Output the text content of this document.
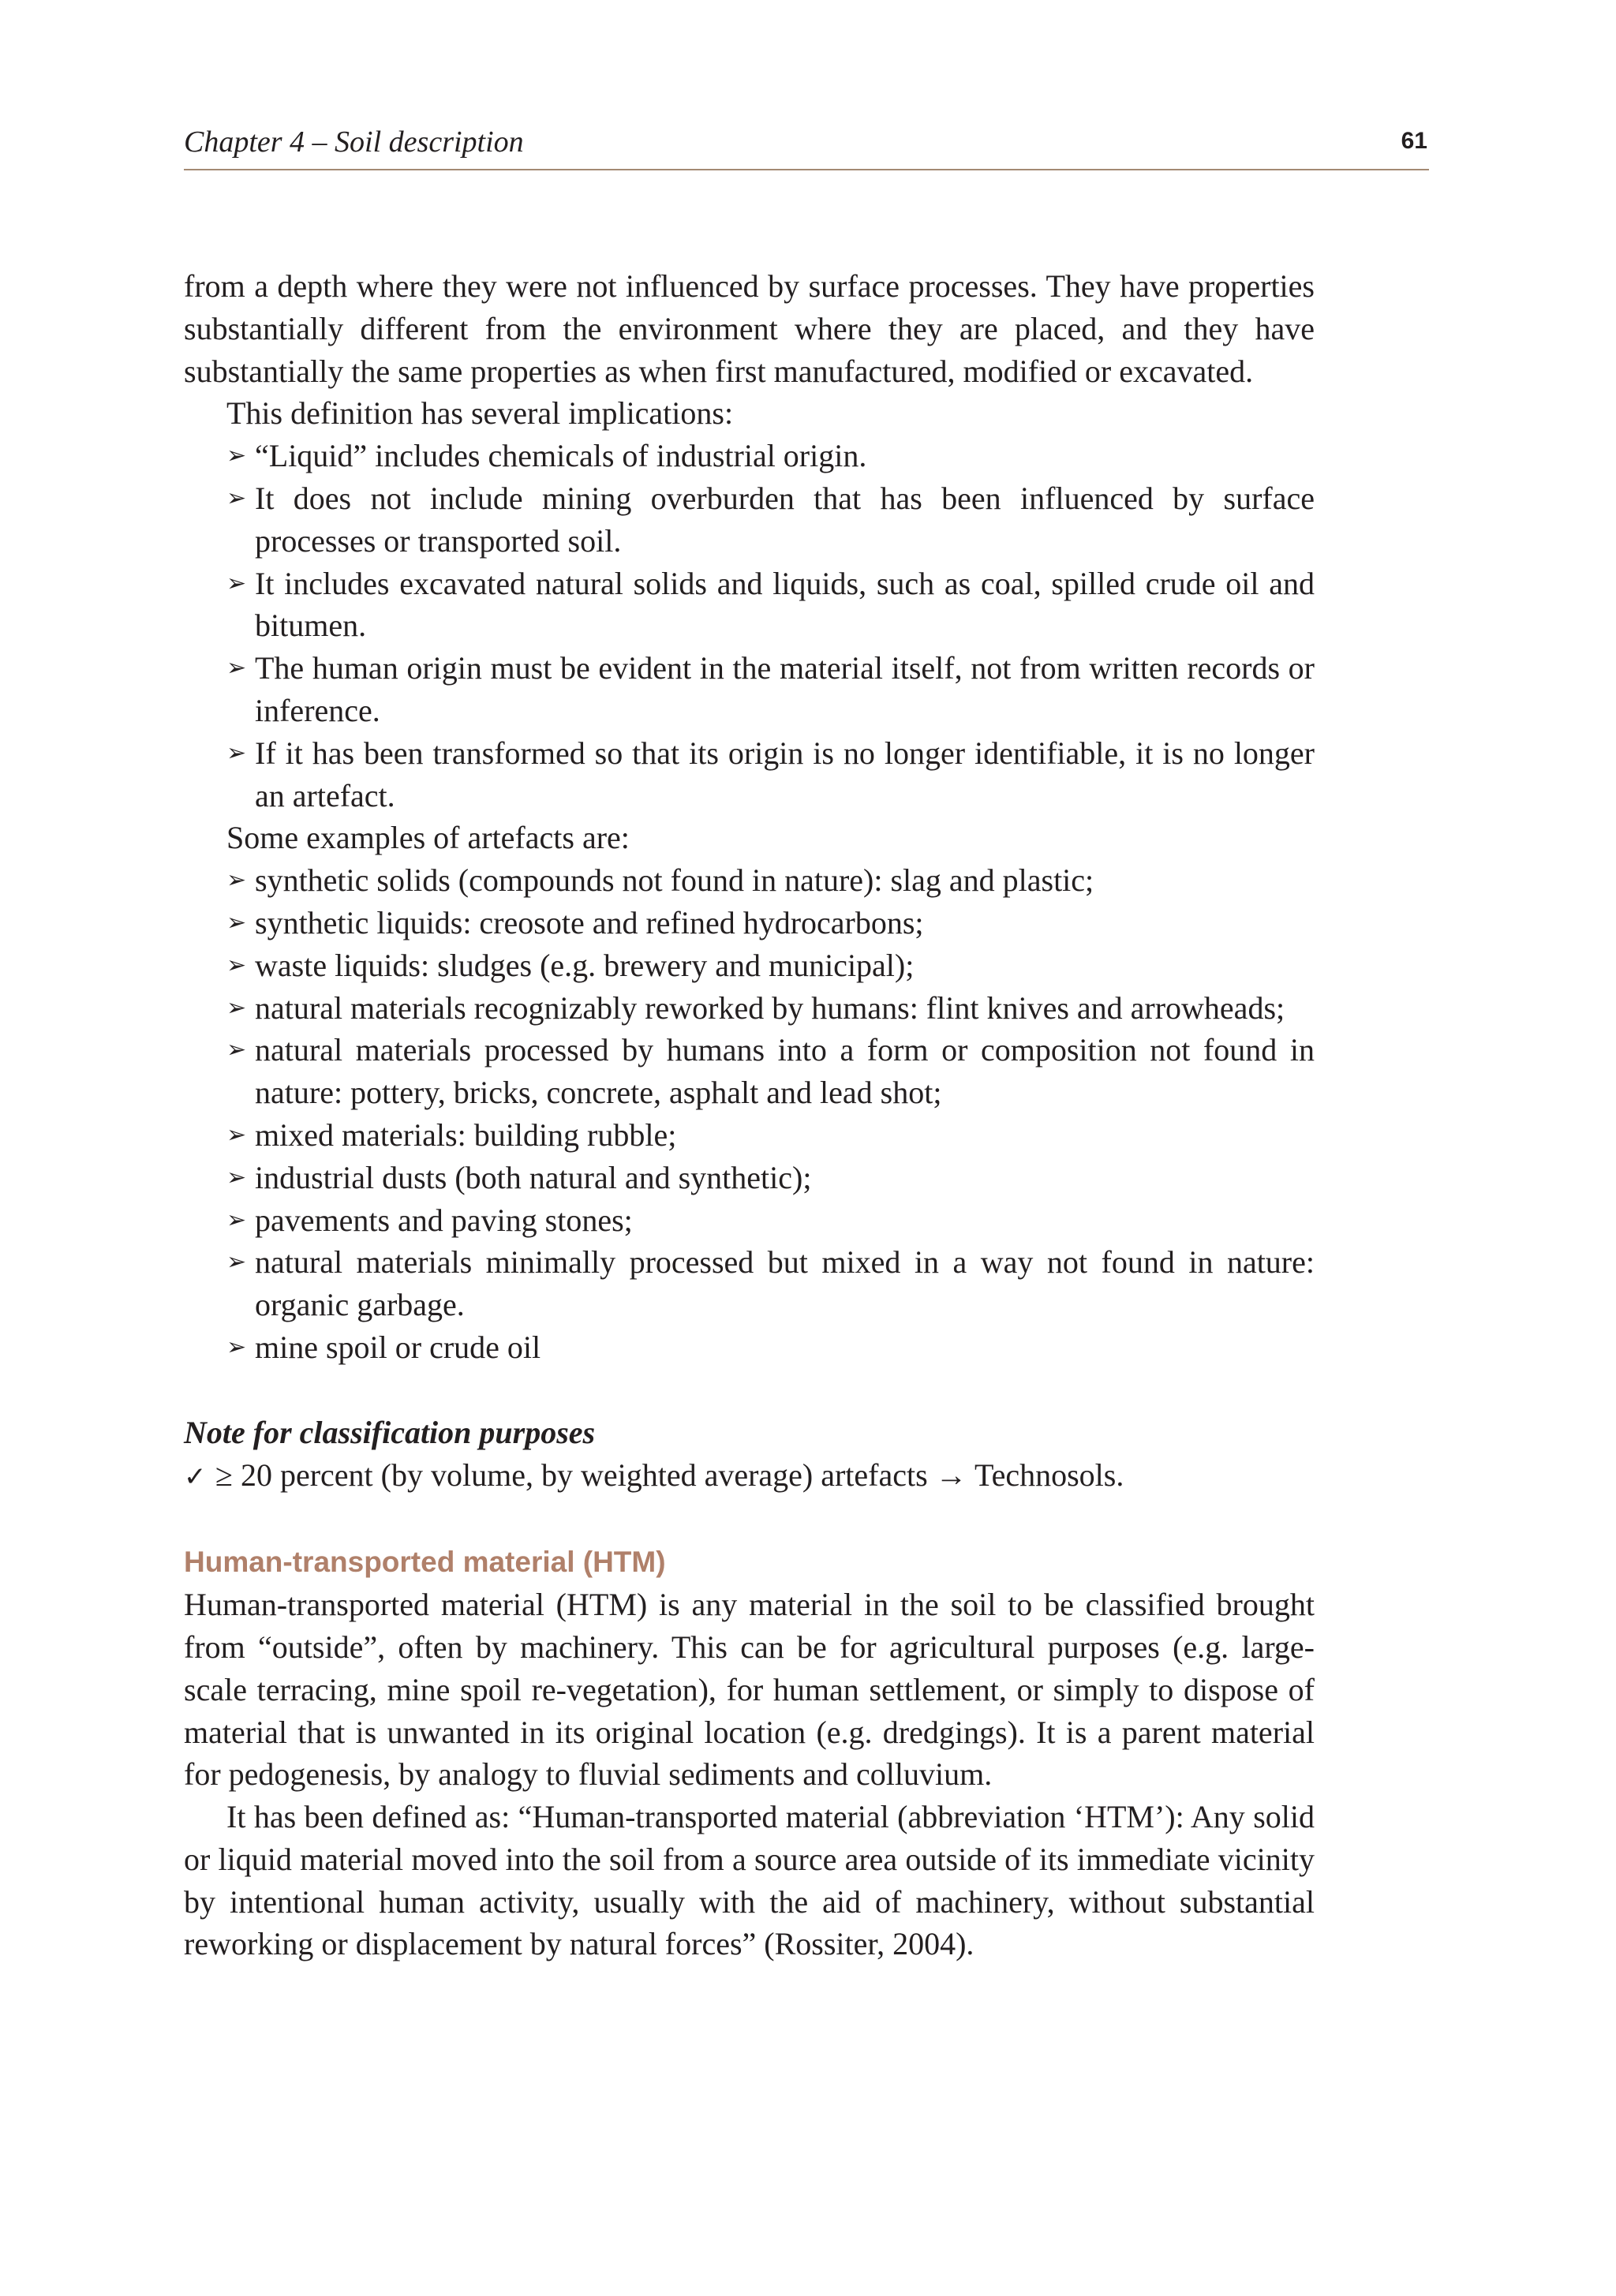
Chapter 4 – Soil description	61

from a depth where they were not influenced by surface processes. They have properties substantially different from the environment where they are placed, and they have substantially the same properties as when first manufactured, modified or excavated.

This definition has several implications:

➢ “Liquid” includes chemicals of industrial origin.
➢ It does not include mining overburden that has been influenced by surface processes or transported soil.
➢ It includes excavated natural solids and liquids, such as coal, spilled crude oil and bitumen.
➢ The human origin must be evident in the material itself, not from written records or inference.
➢ If it has been transformed so that its origin is no longer identifiable, it is no longer an artefact.

Some examples of artefacts are:

➢ synthetic solids (compounds not found in nature): slag and plastic;
➢ synthetic liquids: creosote and refined hydrocarbons;
➢ waste liquids: sludges (e.g. brewery and municipal);
➢ natural materials recognizably reworked by humans: flint knives and arrowheads;
➢ natural materials processed by humans into a form or composition not found in nature: pottery, bricks, concrete, asphalt and lead shot;
➢ mixed materials: building rubble;
➢ industrial dusts (both natural and synthetic);
➢ pavements and paving stones;
➢ natural materials minimally processed but mixed in a way not found in nature: organic garbage.
➢ mine spoil or crude oil

Note for classification purposes

✓ ≥ 20 percent (by volume, by weighted average) artefacts → Technosols.

Human-transported material (HTM)

Human-transported material (HTM) is any material in the soil to be classified brought from “outside”, often by machinery. This can be for agricultural purposes (e.g. large-scale terracing, mine spoil re-vegetation), for human settlement, or simply to dispose of material that is unwanted in its original location (e.g. dredgings). It is a parent material for pedogenesis, by analogy to fluvial sediments and colluvium.

It has been defined as: “Human-transported material (abbreviation ‘HTM’): Any solid or liquid material moved into the soil from a source area outside of its immediate vicinity by intentional human activity, usually with the aid of machinery, without substantial reworking or displacement by natural forces” (Rossiter, 2004).
